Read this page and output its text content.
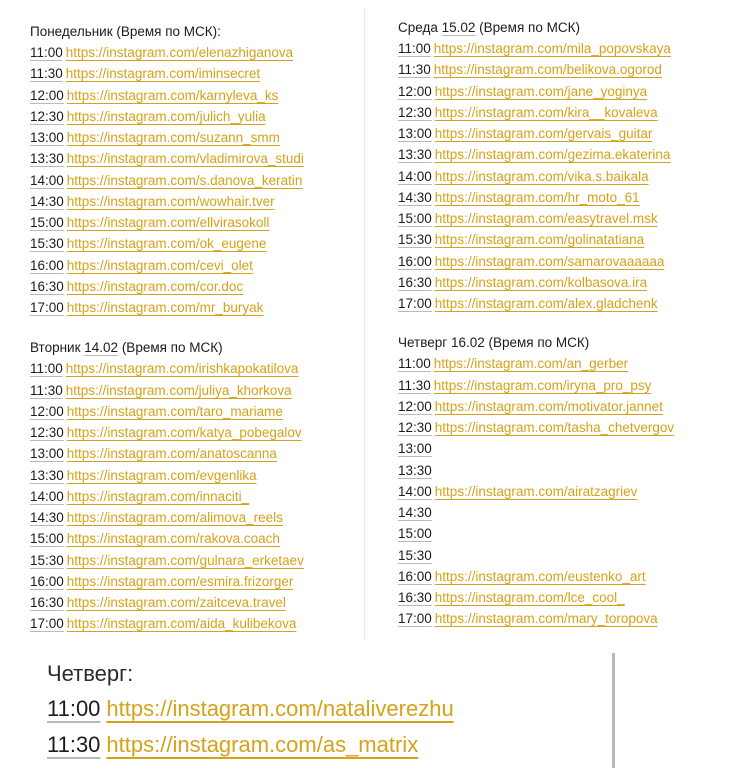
Понедельник (Время по МСК):
11:00 https://instagram.com/elenazhiganova
11:30 https://instagram.com/iminsecret
12:00 https://instagram.com/karnyleva_ks
12:30 https://instagram.com/julich_yulia
13:00 https://instagram.com/suzann_smm
13:30 https://instagram.com/vladimirova_studi
14:00 https://instagram.com/s.danova_keratin
14:30 https://instagram.com/wowhair.tver
15:00 https://instagram.com/ellvirasokoll
15:30 https://instagram.com/ok_eugene
16:00 https://instagram.com/cevi_olet
16:30 https://instagram.com/cor.doc
17:00 https://instagram.com/mr_buryak
Вторник 14.02 (Время по МСК)
11:00 https://instagram.com/irishkapokatilova
11:30 https://instagram.com/juliya_khorkova
12:00 https://instagram.com/taro_mariame
12:30 https://instagram.com/katya_pobegalov
13:00 https://instagram.com/anatoscanna
13:30 https://instagram.com/evgenlika
14:00 https://instagram.com/innaciti_
14:30 https://instagram.com/alimova_reels
15:00 https://instagram.com/rakova.coach
15:30 https://instagram.com/gulnara_erketaev
16:00 https://instagram.com/esmira.frizorger
16:30 https://instagram.com/zaitceva.travel
17:00 https://instagram.com/aida_kulibekova
Среда 15.02 (Время по МСК)
11:00 https://instagram.com/mila_popovskaya
11:30 https://instagram.com/belikova.ogorod
12:00 https://instagram.com/jane_yoginya
12:30 https://instagram.com/kira__kovaleva
13:00 https://instagram.com/gervais_guitar
13:30 https://instagram.com/gezima.ekaterina
14:00 https://instagram.com/vika.s.baikala
14:30 https://instagram.com/hr_moto_61
15:00 https://instagram.com/easytravel.msk
15:30 https://instagram.com/golinatatiana
16:00 https://instagram.com/samarovaaaaaa
16:30 https://instagram.com/kolbasova.ira
17:00 https://instagram.com/alex.gladchenk
Четверг 16.02 (Время по МСК)
11:00 https://instagram.com/an_gerber
11:30 https://instagram.com/iryna_pro_psy
12:00 https://instagram.com/motivator.jannet
12:30 https://instagram.com/tasha_chetvergov
13:00
13:30
14:00 https://instagram.com/airatzagriev
14:30
15:00
15:30
16:00 https://instagram.com/eustenko_art
16:30 https://instagram.com/lce_cool_
17:00 https://instagram.com/mary_toropova
Четверг:
11:00 https://instagram.com/nataliverezhu
11:30 https://instagram.com/as_matrix
